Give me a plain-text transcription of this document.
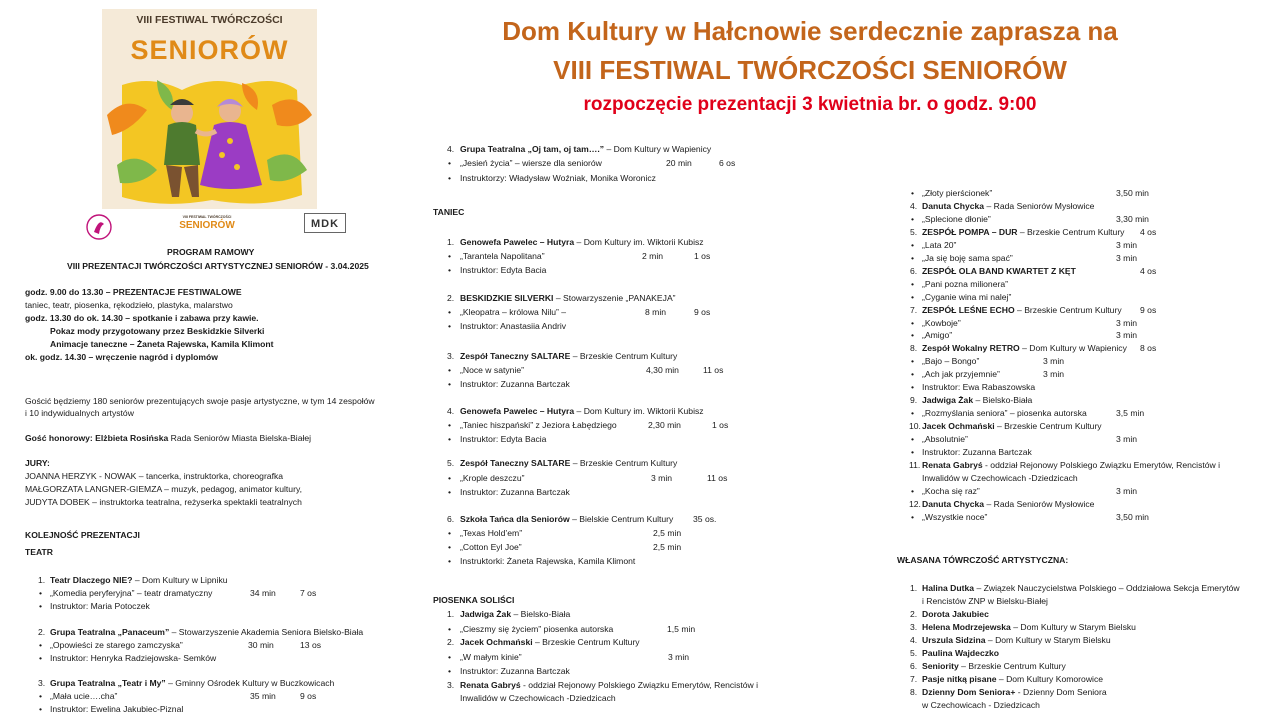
Dom Kultury w Hałcnowie serdecznie zaprasza na
VIII FESTIWAL TWÓRCZOŚCI SENIORÓW
rozpoczęcie prezentacji 3 kwietnia br. o godz. 9:00
VIII FESTIWAL TWÓRCZOŚCI
SENIORÓW
VIII FESTIWAL TWÓRCZOŚCI
SENIORÓW	MDK
PROGRAM RAMOWY
VIII PREZENTACJI TWÓRCZOŚCI ARTYSTYCZNEJ SENIORÓW - 3.04.2025
godz. 9.00 do 13.30 – PREZENTACJE FESTIWALOWE
taniec, teatr, piosenka, rękodzieło, plastyka, malarstwo
godz. 13.30 do ok. 14.30 – spotkanie i zabawa przy kawie.
Pokaz mody przygotowany przez Beskidzkie Silverki
Animacje taneczne – Żaneta Rajewska, Kamila Klimont
ok. godz. 14.30 – wręczenie nagród i dyplomów
Gościć będziemy 180 seniorów prezentujących swoje pasje artystyczne, w tym 14 zespołów
i 10 indywidualnych artystów
Gość honorowy: Elżbieta Rosińska Rada Seniorów Miasta Bielska-Białej
JURY:
JOANNA HERZYK - NOWAK – tancerka, instruktorka, choreografka
MAŁGORZATA LANGNER-GIEMZA – muzyk, pedagog, animator kultury,
JUDYTA DOBEK – instruktorka teatralna, reżyserka spektakli teatralnych
KOLEJNOŚĆ PREZENTACJI
TEATR
1. Teatr Dlaczego NIE? – Dom Kultury w Lipniku
• „Komedia peryferyjna” – teatr dramatyczny	34 min	7 os
• Instruktor: Maria Potoczek
2. Grupa Teatralna „Panaceum” – Stowarzyszenie Akademia Seniora Bielsko-Biała
• „Opowieści ze starego zamczyska”	30 min	13 os
• Instruktor: Henryka Radziejowska- Semków
3. Grupa Teatralna „Teatr i My” – Gminny Ośrodek Kultury w Buczkowicach
• „Mała ucie….cha”	35 min	9 os
• Instruktor: Ewelina Jakubiec-Piznal
4. Grupa Teatralna „Oj tam, oj tam….” – Dom Kultury w Wapienicy
• „Jesień życia” – wiersze dla seniorów	20 min	6 os
• Instruktorzy: Władysław Woźniak, Monika Woronicz
TANIEC
1. Genowefa Pawelec – Hutyra – Dom Kultury im. Wiktorii Kubisz
• „Tarantela Napolitana”	2 min	1 os
• Instruktor: Edyta Bacia
2. BESKIDZKIE SILVERKI – Stowarzyszenie „PANAKEJA”
• „Kleopatra – królowa Nilu” –	8 min	9 os
• Instruktor: Anastasiia Andriv
3. Zespół Taneczny SALTARE – Brzeskie Centrum Kultury
• „Noce w satynie”	4,30 min	11 os
• Instruktor: Zuzanna Bartczak
4. Genowefa Pawelec – Hutyra – Dom Kultury im. Wiktorii Kubisz
• „Taniec hiszpański” z Jeziora Łabędziego	2,30 min	1 os
• Instruktor: Edyta Bacia
5. Zespół Taneczny SALTARE – Brzeskie Centrum Kultury
• „Krople deszczu”	3 min	11 os
• Instruktor: Zuzanna Bartczak
6. Szkoła Tańca dla Seniorów – Bielskie Centrum Kultury 35 os.
• „Texas Hold’em”	2,5 min
• „Cotton Eyl Joe”	2,5 min
• Instruktorki: Żaneta Rajewska, Kamila Klimont
PIOSENKA SOLIŚCI
1. Jadwiga Żak – Bielsko-Biała
• „Cieszmy się życiem” piosenka autorska	1,5 min
2. Jacek Ochmański – Brzeskie Centrum Kultury
• „W małym kinie”	3 min
• Instruktor: Zuzanna Bartczak
3. Renata Gabryś - oddział Rejonowy Polskiego Związku Emerytów, Rencistów i
Inwalidów w Czechowicach -Dziedzicach
• „Złoty pierścionek”	3,50 min
4. Danuta Chycka – Rada Seniorów Mysłowice
• „Splecione dłonie”	3,30 min
5. ZESPÓŁ POMPA – DUR – Brzeskie Centrum Kultury 4 os
• „Lata 20”	3 min
• „Ja się boję sama spać”	3 min
6. ZESPÓŁ OLA BAND KWARTET Z KĘT	4 os
• „Pani pozna milionera”
• „Cyganie wina mi nalej”
7. ZESPÓŁ LEŚNE ECHO – Brzeskie Centrum Kultury 9 os
• „Kowboje”	3 min
• „Amigo”	3 min
8. Zespół Wokalny RETRO – Dom Kultury w Wapienicy 8 os
• „Bajo – Bongo”	3 min
• „Ach jak przyjemnie”	3 min
• Instruktor: Ewa Rabaszowska
9. Jadwiga Żak – Bielsko-Biała
• „Rozmyślania seniora” – piosenka autorska	3,5 min
10. Jacek Ochmański – Brzeskie Centrum Kultury
• „Absolutnie”	3 min
• Instruktor: Zuzanna Bartczak
11. Renata Gabryś - oddział Rejonowy Polskiego Związku Emerytów, Rencistów i
Inwalidów w Czechowicach -Dziedzicach
• „Kocha się raz”	3 min
12. Danuta Chycka – Rada Seniorów Mysłowice
• „Wszystkie noce”	3,50 min
WŁASANA TÓWRCZOŚĆ ARTYSTYCZNA:
1. Halina Dutka – Związek Nauczycielstwa Polskiego – Oddziałowa Sekcja Emerytów
i Rencistów ZNP w Bielsku-Białej
2. Dorota Jakubiec
3. Helena Modrzejewska – Dom Kultury w Starym Bielsku
4. Urszula Sidzina – Dom Kultury w Starym Bielsku
5. Paulina Wajdeczko
6. Seniority – Brzeskie Centrum Kultury
7. Pasje nitką pisane – Dom Kultury Komorowice
8. Dzienny Dom Seniora+ - Dzienny Dom Seniora
w Czechowicach - Dziedzicach
